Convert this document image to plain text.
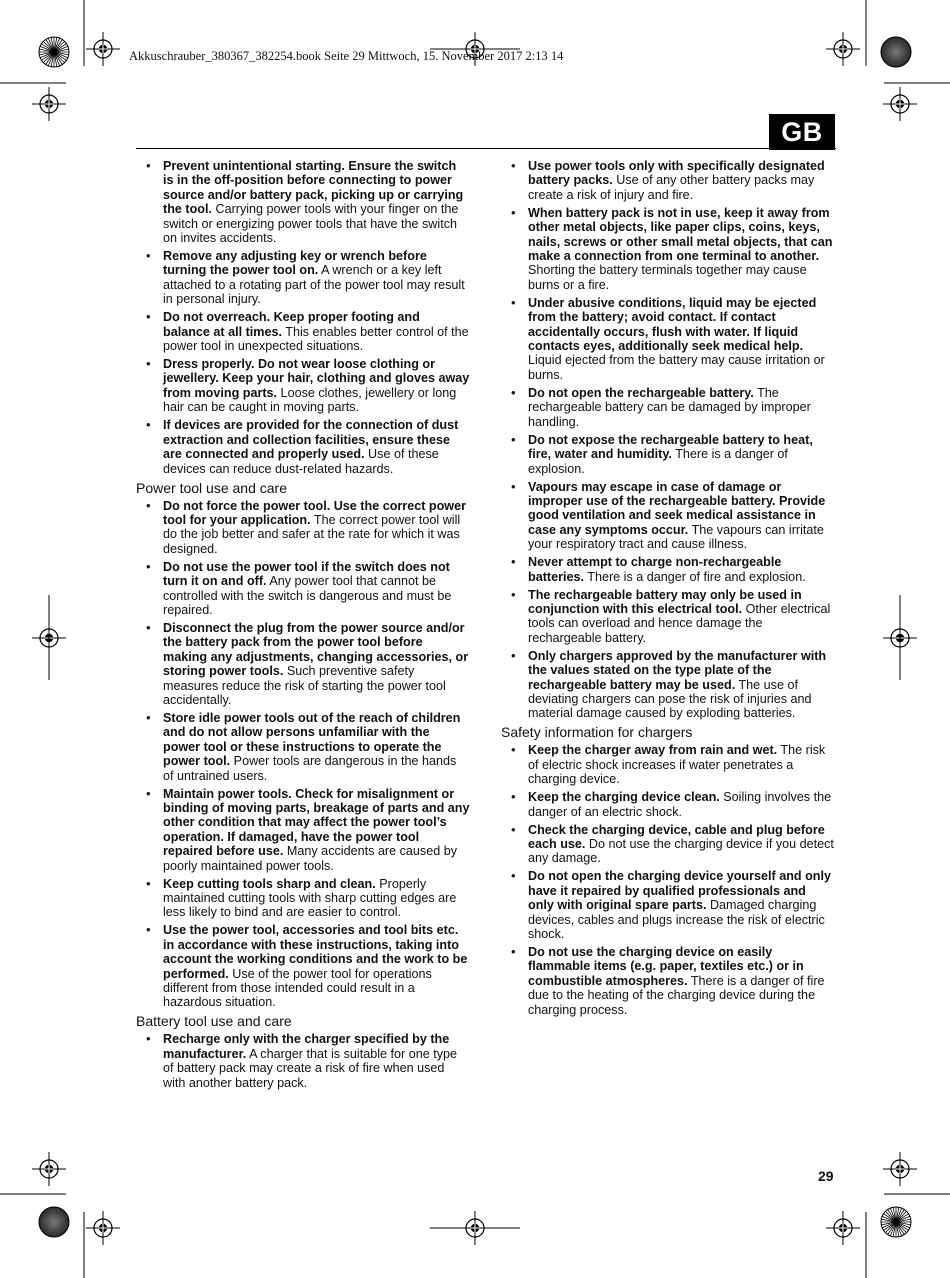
Akkuschrauber_380367_382254.book Seite 29 Mittwoch, 15. November 2017 2:13 14
GB
• Prevent unintentional starting. Ensure the switch is in the off-position before connecting to power source and/or battery pack, picking up or carrying the tool. Carrying power tools with your finger on the switch or energizing power tools that have the switch on invites accidents.
• Remove any adjusting key or wrench before turning the power tool on. A wrench or a key left attached to a rotating part of the power tool may result in personal injury.
• Do not overreach. Keep proper footing and balance at all times. This enables better control of the power tool in unexpected situations.
• Dress properly. Do not wear loose clothing or jewellery. Keep your hair, clothing and gloves away from moving parts. Loose clothes, jewellery or long hair can be caught in moving parts.
• If devices are provided for the connection of dust extraction and collection facilities, ensure these are connected and properly used. Use of these devices can reduce dust-related hazards.
Power tool use and care
• Do not force the power tool. Use the correct power tool for your application. The correct power tool will do the job better and safer at the rate for which it was designed.
• Do not use the power tool if the switch does not turn it on and off. Any power tool that cannot be controlled with the switch is dangerous and must be repaired.
• Disconnect the plug from the power source and/or the battery pack from the power tool before making any adjustments, changing accessories, or storing power tools. Such preventive safety measures reduce the risk of starting the power tool accidentally.
• Store idle power tools out of the reach of children and do not allow persons unfamiliar with the power tool or these instructions to operate the power tool. Power tools are dangerous in the hands of untrained users.
• Maintain power tools. Check for misalignment or binding of moving parts, breakage of parts and any other condition that may affect the power tool’s operation. If damaged, have the power tool repaired before use. Many accidents are caused by poorly maintained power tools.
• Keep cutting tools sharp and clean. Properly maintained cutting tools with sharp cutting edges are less likely to bind and are easier to control.
• Use the power tool, accessories and tool bits etc. in accordance with these instructions, taking into account the working conditions and the work to be performed. Use of the power tool for operations different from those intended could result in a hazardous situation.
Battery tool use and care
• Recharge only with the charger specified by the manufacturer. A charger that is suitable for one type of battery pack may create a risk of fire when used with another battery pack.
• Use power tools only with specifically designated battery packs. Use of any other battery packs may create a risk of injury and fire.
• When battery pack is not in use, keep it away from other metal objects, like paper clips, coins, keys, nails, screws or other small metal objects, that can make a connection from one terminal to another. Shorting the battery terminals together may cause burns or a fire.
• Under abusive conditions, liquid may be ejected from the battery; avoid contact. If contact accidentally occurs, flush with water. If liquid contacts eyes, additionally seek medical help. Liquid ejected from the battery may cause irritation or burns.
• Do not open the rechargeable battery. The rechargeable battery can be damaged by improper handling.
• Do not expose the rechargeable battery to heat, fire, water and humidity. There is a danger of explosion.
• Vapours may escape in case of damage or improper use of the rechargeable battery. Provide good ventilation and seek medical assistance in case any symptoms occur. The vapours can irritate your respiratory tract and cause illness.
• Never attempt to charge non-rechargeable batteries. There is a danger of fire and explosion.
• The rechargeable battery may only be used in conjunction with this electrical tool. Other electrical tools can overload and hence damage the rechargeable battery.
• Only chargers approved by the manufacturer with the values stated on the type plate of the rechargeable battery may be used. The use of deviating chargers can pose the risk of injuries and material damage caused by exploding batteries.
Safety information for chargers
• Keep the charger away from rain and wet. The risk of electric shock increases if water penetrates a charging device.
• Keep the charging device clean. Soiling involves the danger of an electric shock.
• Check the charging device, cable and plug before each use. Do not use the charging device if you detect any damage.
• Do not open the charging device yourself and only have it repaired by qualified professionals and only with original spare parts. Damaged charging devices, cables and plugs increase the risk of electric shock.
• Do not use the charging device on easily flammable items (e.g. paper, textiles etc.) or in combustible atmospheres. There is a danger of fire due to the heating of the charging device during the charging process.
29
